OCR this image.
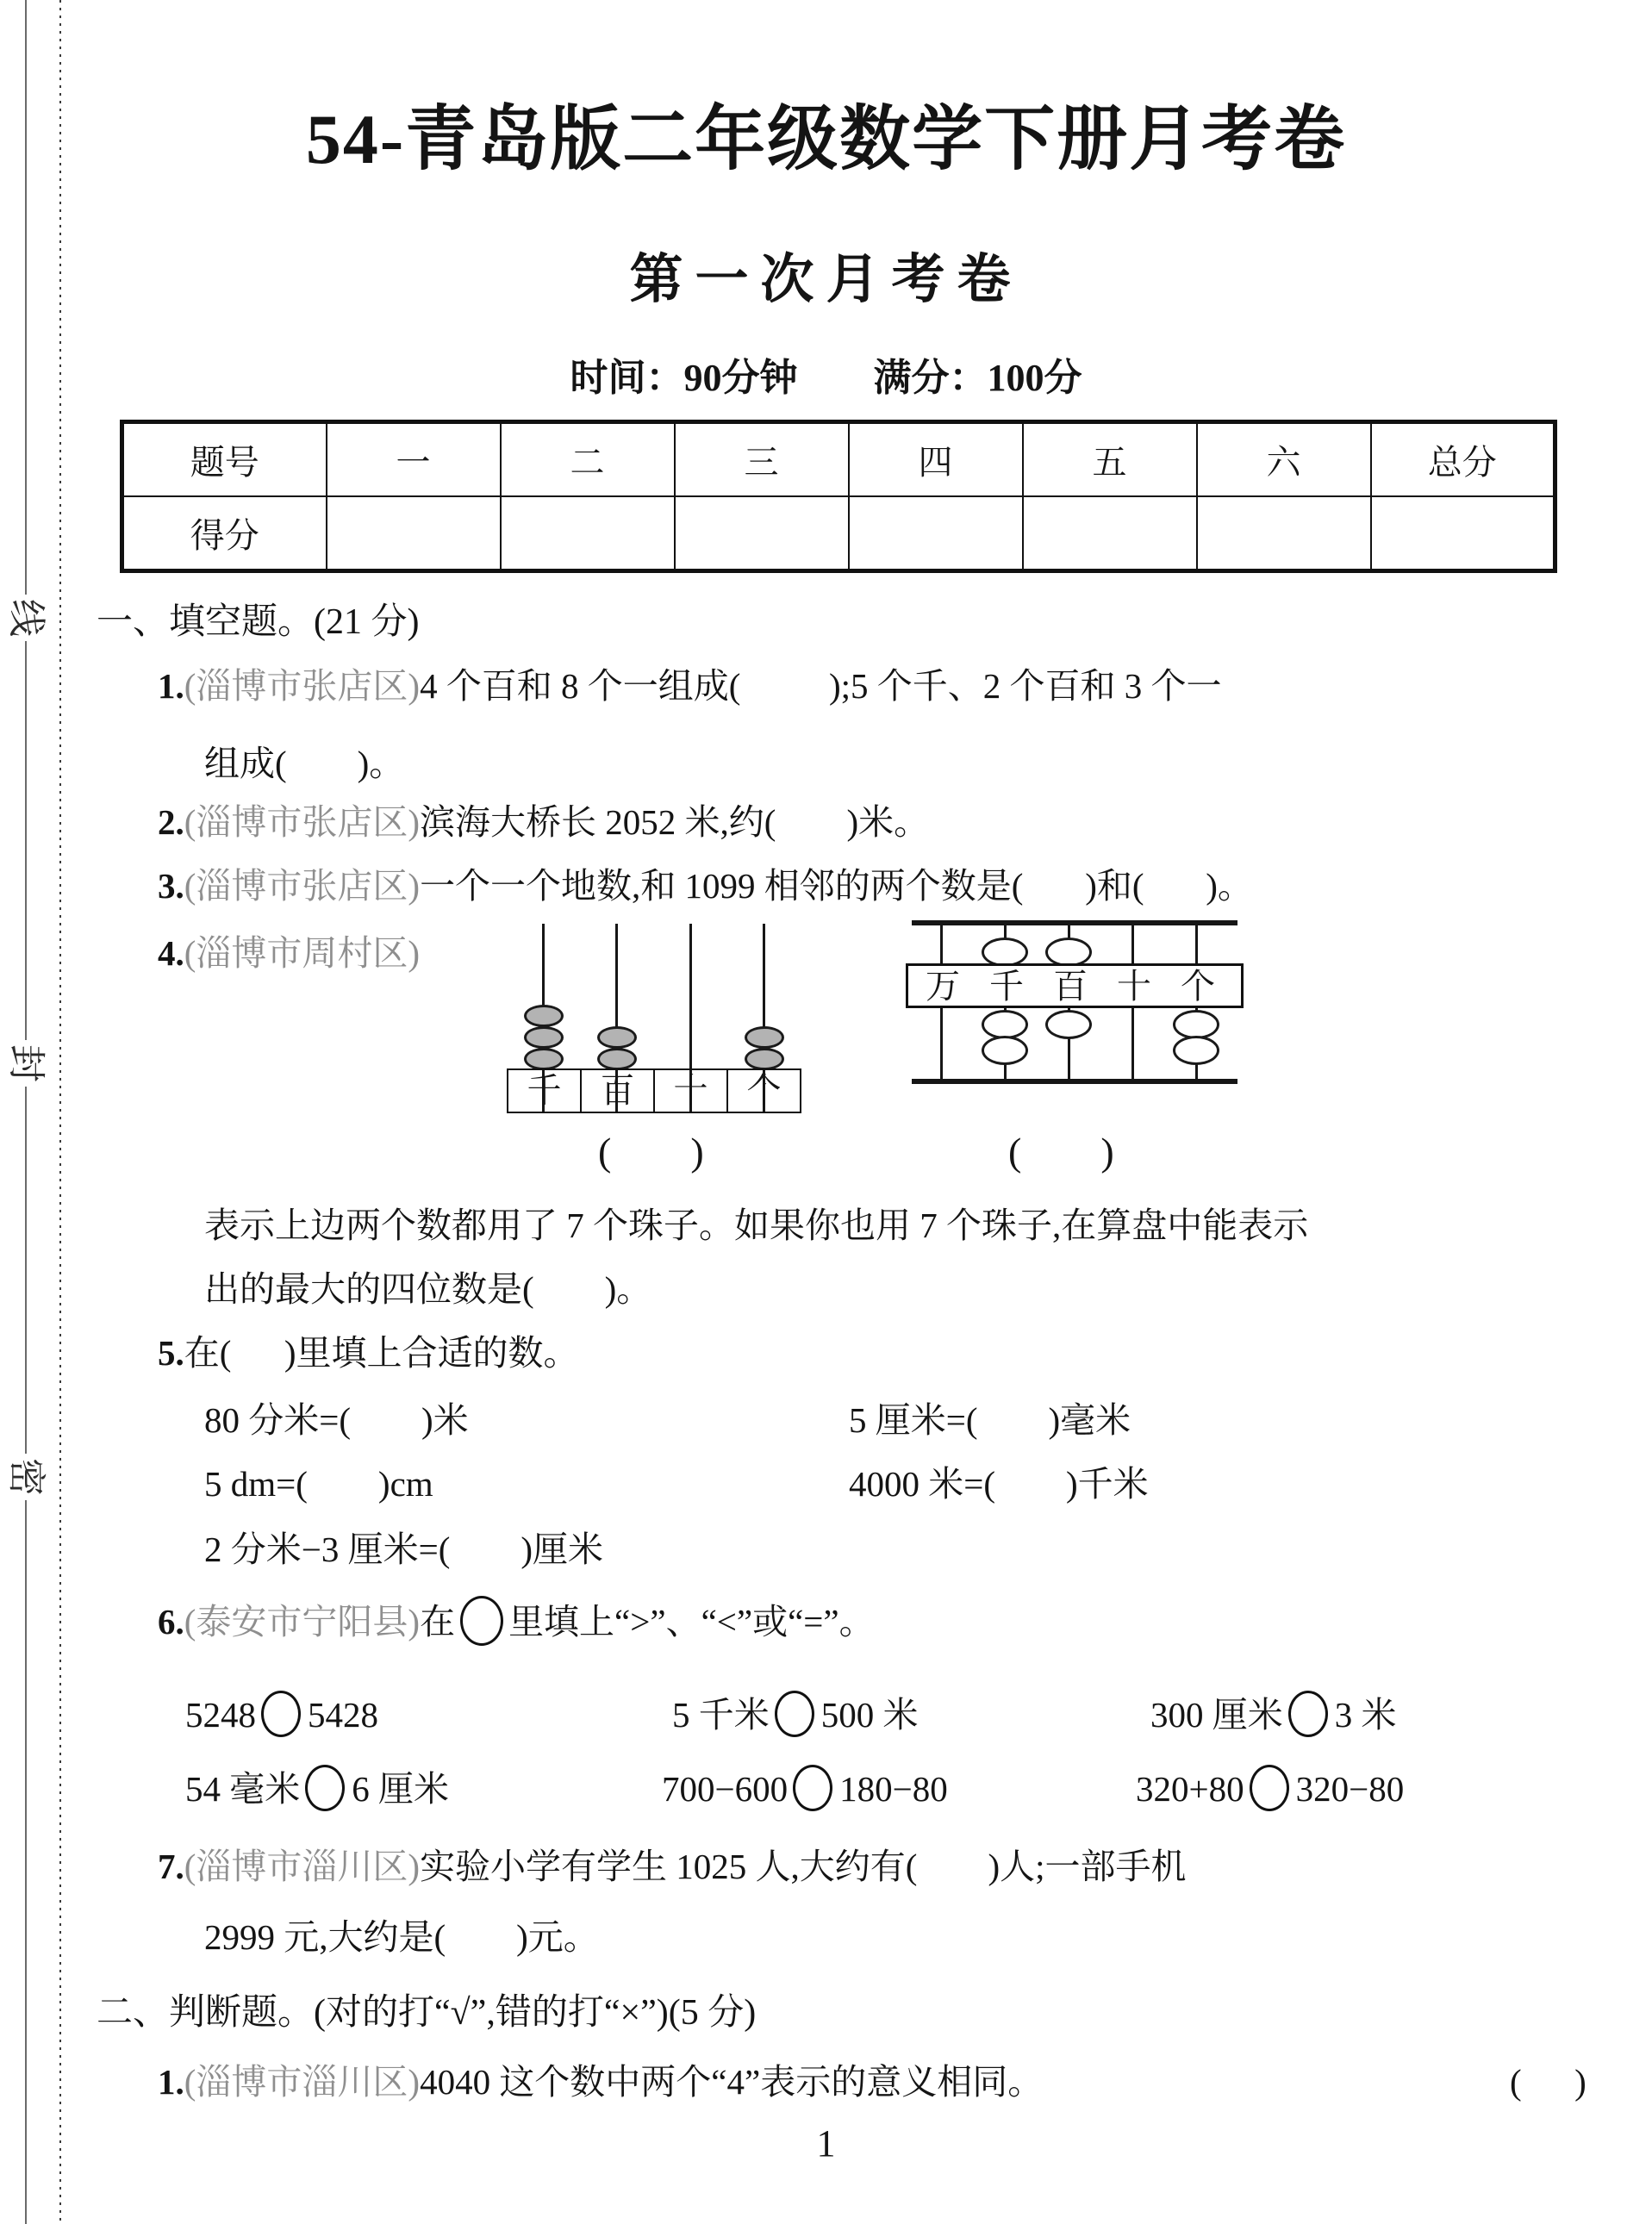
线
封
密
54-青岛版二年级数学下册月考卷
第一次月考卷
时间：90分钟　　满分：100分
题号	一	二	三	四	五	六	总分
得分							
一、填空题。(21 分)
1.(淄博市张店区)4 个百和 8 个一组成(          );5 个千、2 个百和 3 个一
组成(        )。
2.(淄博市张店区)滨海大桥长 2052 米,约(        )米。
3.(淄博市张店区)一个一个地数,和 1099 相邻的两个数是(       )和(       )。
4.(淄博市周村区)
千	百	十	个
(        )
万 千 百 十 个
(        )
表示上边两个数都用了 7 个珠子。如果你也用 7 个珠子,在算盘中能表示
出的最大的四位数是(        )。
5.在(      )里填上合适的数。
80 分米=(        )米	5 厘米=(        )毫米
5 dm=(        )cm	4000 米=(        )千米
2 分米−3 厘米=(        )厘米
6.(泰安市宁阳县)在 里填上“>”、“<”或“=”。
5248 5428	5 千米 500 米	300 厘米 3 米
54 毫米 6 厘米	700−600 180−80	320+80 320−80
7.(淄博市淄川区)实验小学有学生 1025 人,大约有(        )人;一部手机
2999 元,大约是(        )元。
二、判断题。(对的打“√”,错的打“×”)(5 分)
1.(淄博市淄川区)4040 这个数中两个“4”表示的意义相同。	(      )
1
